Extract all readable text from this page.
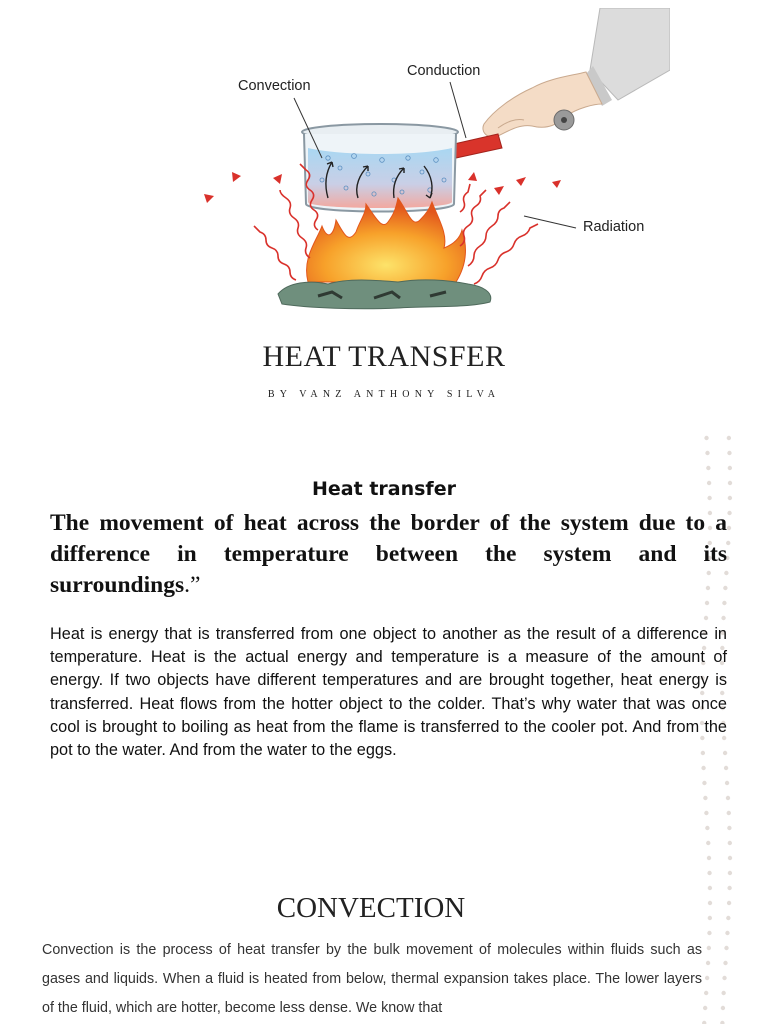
Convection
Conduction
Radiation
HEAT TRANSFER
BY VANZ ANTHONY SILVA
Heat transfer
The movement of heat across the border of the system due to a difference in temperature between the system and its surroundings.”
Heat is energy that is transferred from one object to another as the result of a difference in temperature. Heat is the actual energy and temperature is a measure of the amount of energy. If two objects have different temperatures and are brought together, heat energy is transferred. Heat flows from the hotter object to the colder. That’s why water that was once cool is brought to boiling as heat from the flame is transferred to the cooler pot. And from the pot to the water. And from the water to the eggs.
CONVECTION
Convection is the process of heat transfer by the bulk movement of molecules within fluids such as gases and liquids. When a fluid is heated from below, thermal expansion takes place. The lower layers of the fluid, which are hotter, become less dense. We know that
